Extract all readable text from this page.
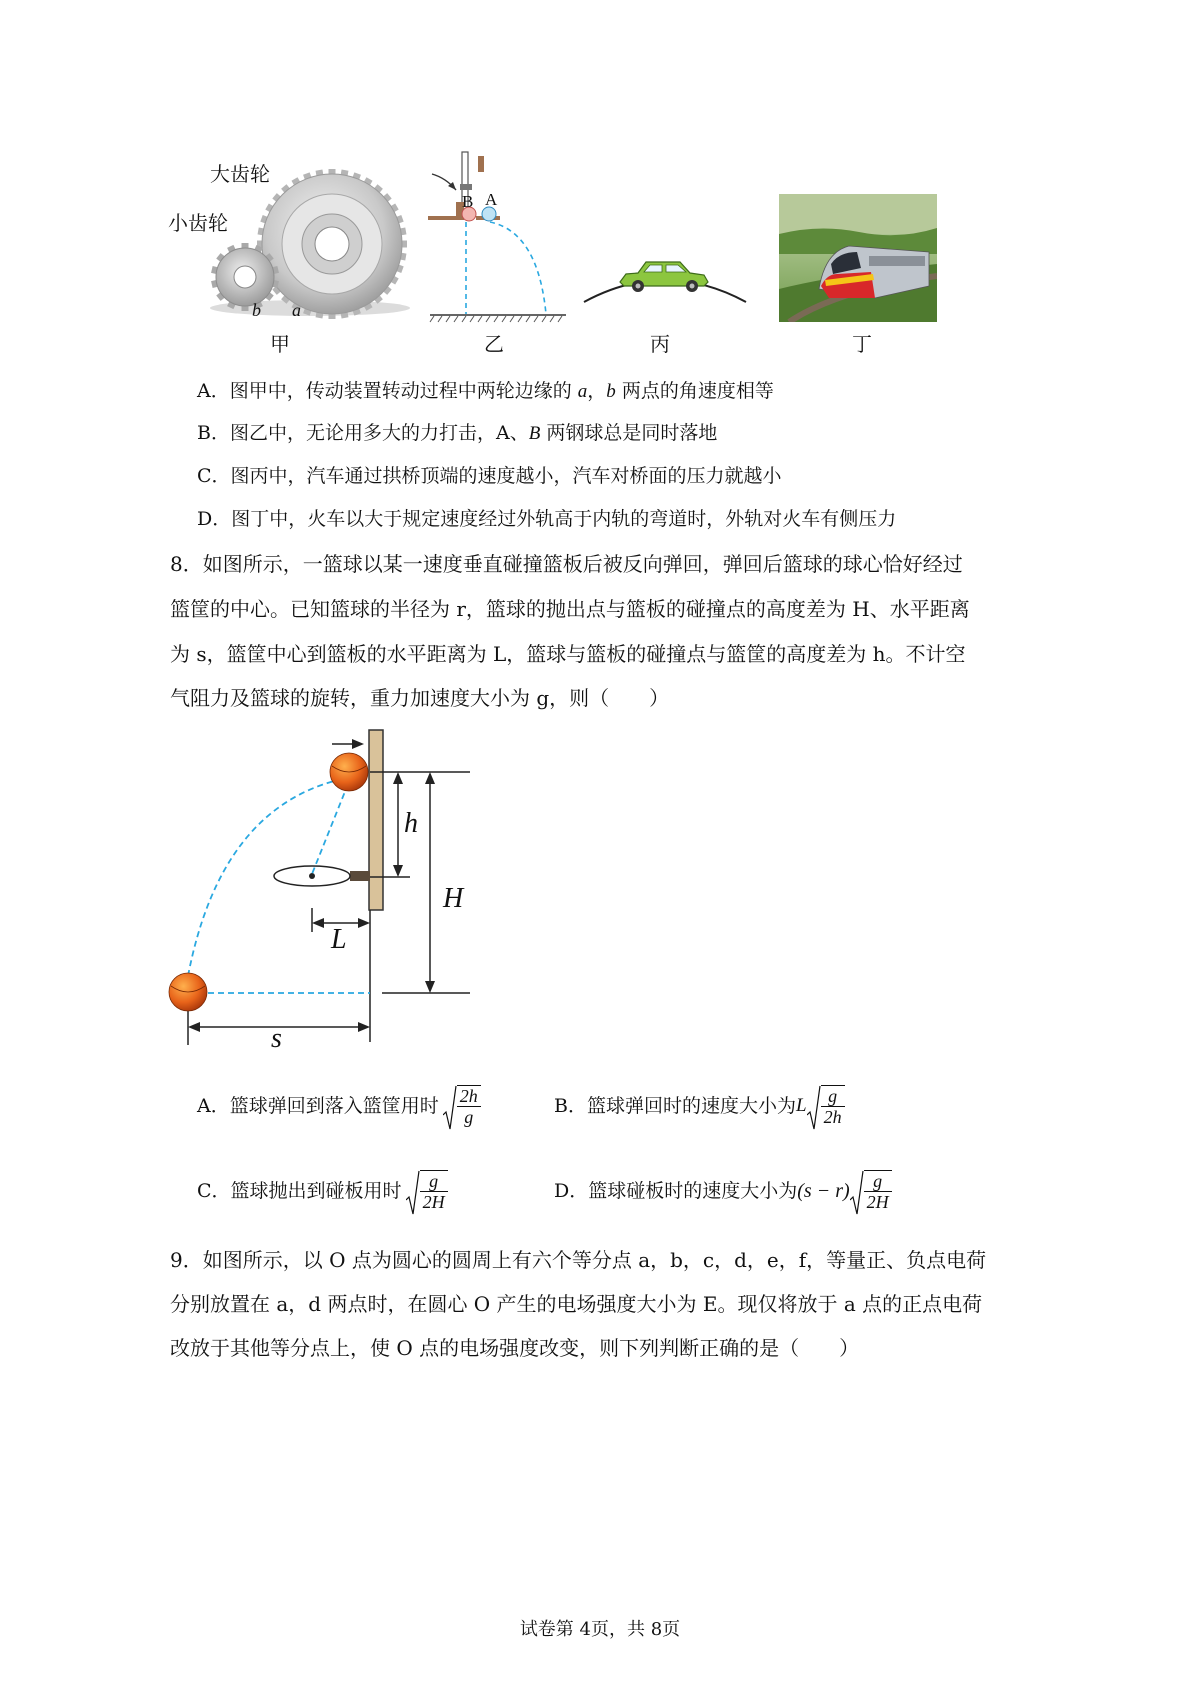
大齿轮
小齿轮
b a
甲
B A
乙	丙	丁
A．图甲中，传动装置转动过程中两轮边缘的 a，b 两点的角速度相等
B．图乙中，无论用多大的力打击，A、B 两钢球总是同时落地
C．图丙中，汽车通过拱桥顶端的速度越小，汽车对桥面的压力就越小
D．图丁中，火车以大于规定速度经过外轨高于内轨的弯道时，外轨对火车有侧压力
8．如图所示，一篮球以某一速度垂直碰撞篮板后被反向弹回，弹回后篮球的球心恰好经过
篮筐的中心。已知篮球的半径为 r，篮球的抛出点与篮板的碰撞点的高度差为 H、水平距离
为 s，篮筐中心到篮板的水平距离为 L，篮球与篮板的碰撞点与篮筐的高度差为 h。不计空
气阻力及篮球的旋转，重力加速度大小为 g，则（　　）
h
H
L
s
A． 篮球弹回到落入篮筐用时 $\frac{2h}{g}$	B． 篮球弹回时的速度大小为 L $\frac{g}{2h}$
C． 篮球抛出到碰板用时 $\frac{g}{2H}$	D． 篮球碰板时的速度大小为 $(s - r) \frac{g}{2H}$
9．如图所示，以 O 点为圆心的圆周上有六个等分点 a，b，c，d，e，f，等量正、负点电荷
分别放置在 a，d 两点时，在圆心 O 产生的电场强度大小为 E。现仅将放于 a 点的正点电荷
改放于其他等分点上，使 O 点的电场强度改变，则下列判断正确的是（　　）
试卷第 4页，共 8页
